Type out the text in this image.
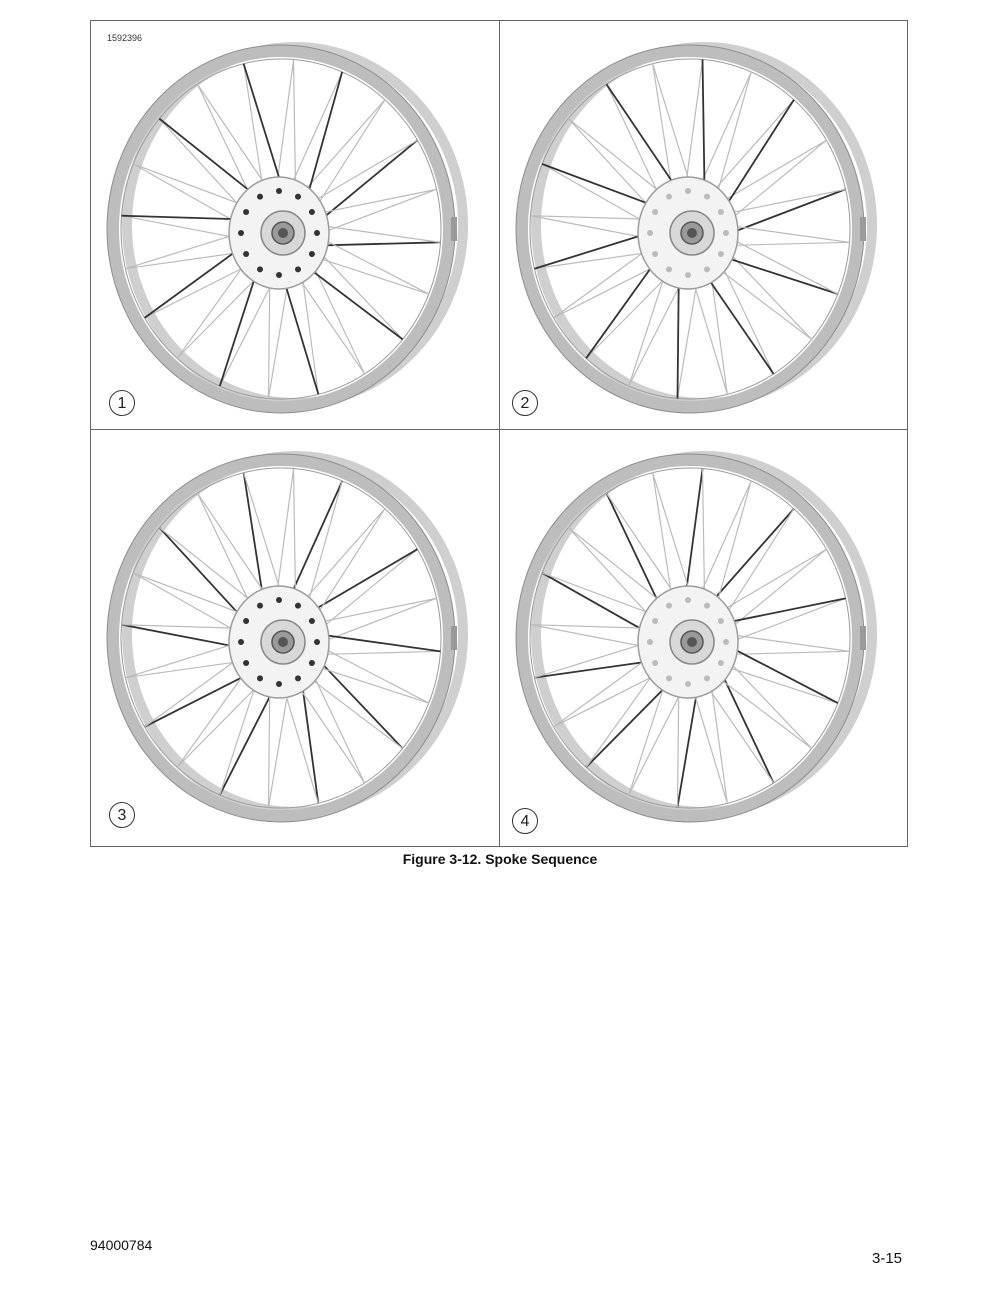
1592396
1	2
3	4
Figure 3-12. Spoke Sequence
94000784
3-15
